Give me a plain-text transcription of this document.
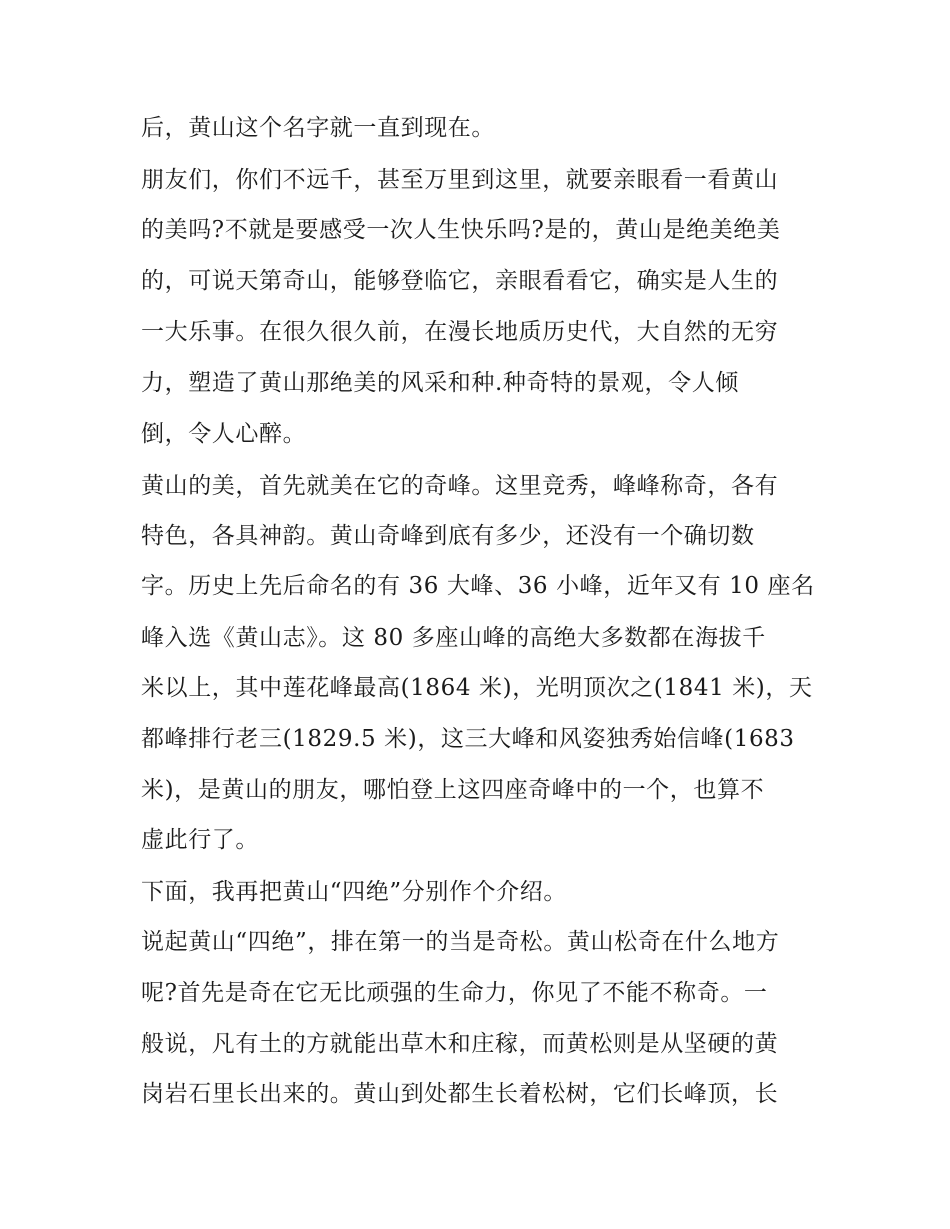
后，黄山这个名字就一直到现在。
朋友们，你们不远千，甚至万里到这里，就要亲眼看一看黄山
的美吗?不就是要感受一次人生快乐吗?是的，黄山是绝美绝美
的，可说天第奇山，能够登临它，亲眼看看它，确实是人生的
一大乐事。在很久很久前，在漫长地质历史代，大自然的无穷
力，塑造了黄山那绝美的风采和种.种奇特的景观，令人倾
倒，令人心醉。
黄山的美，首先就美在它的奇峰。这里竞秀，峰峰称奇，各有
特色，各具神韵。黄山奇峰到底有多少，还没有一个确切数
字。历史上先后命名的有 36 大峰、36 小峰，近年又有 10 座名
峰入选《黄山志》。这 80 多座山峰的高绝大多数都在海拔千
米以上，其中莲花峰最高(1864 米)，光明顶次之(1841 米)，天
都峰排行老三(1829.5 米)，这三大峰和风姿独秀始信峰(1683
米)，是黄山的朋友，哪怕登上这四座奇峰中的一个，也算不
虚此行了。
下面，我再把黄山“四绝”分别作个介绍。
说起黄山“四绝”，排在第一的当是奇松。黄山松奇在什么地方
呢?首先是奇在它无比顽强的生命力，你见了不能不称奇。一
般说，凡有土的方就能出草木和庄稼，而黄松则是从坚硬的黄
岗岩石里长出来的。黄山到处都生长着松树，它们长峰顶，长
